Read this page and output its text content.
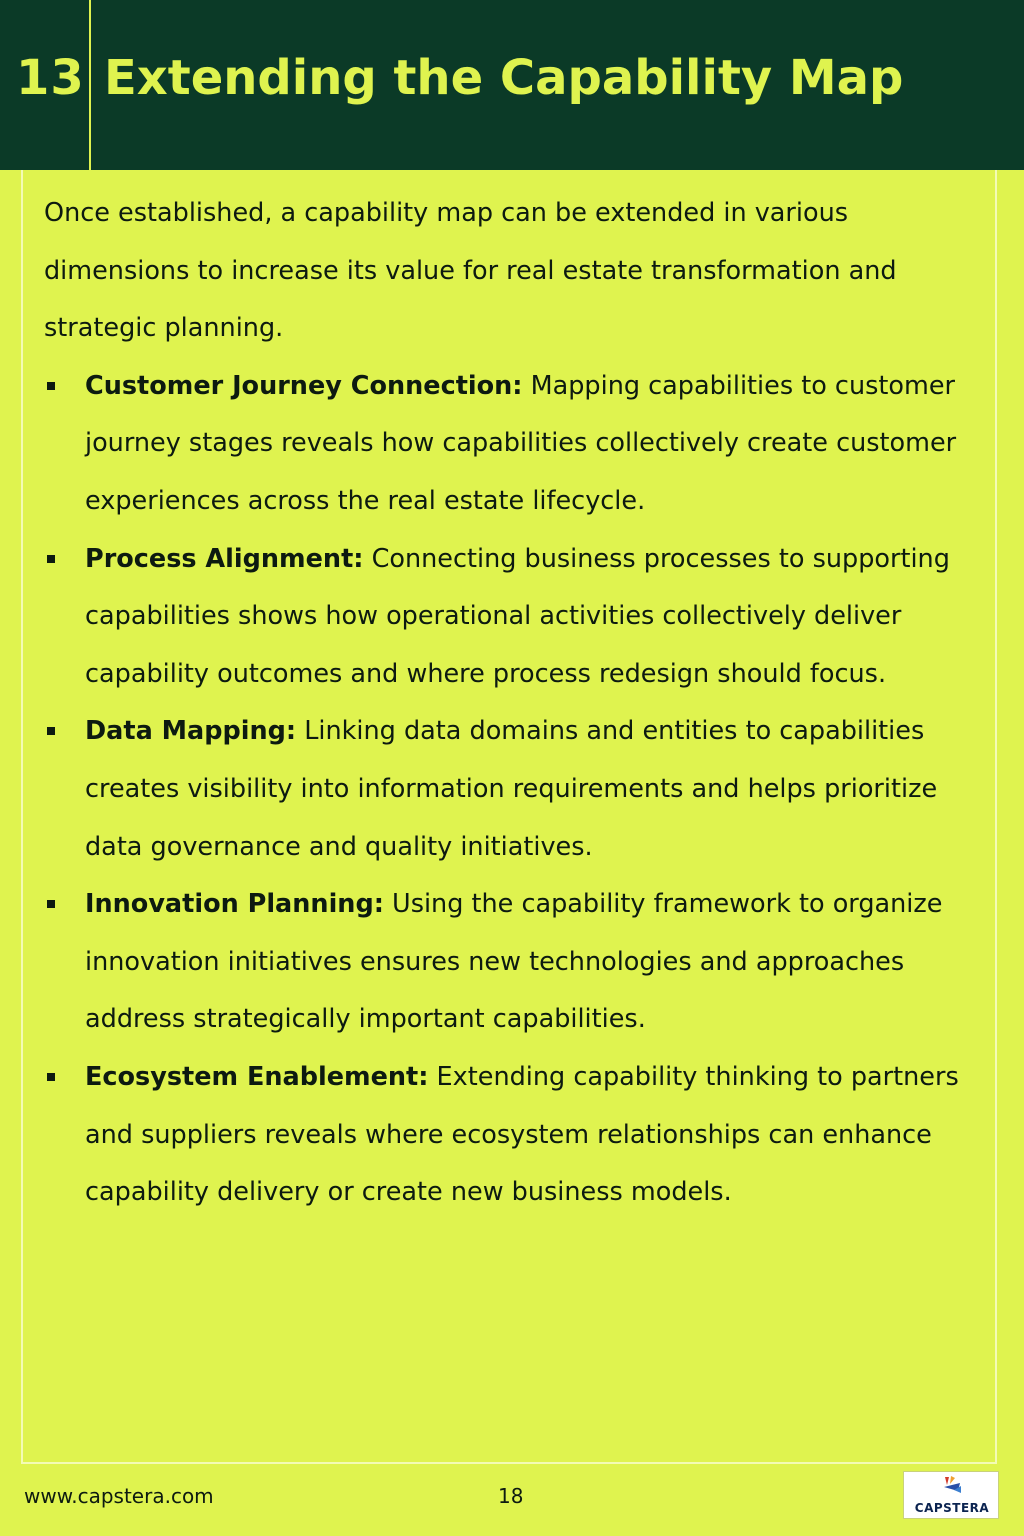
13 Extending the Capability Map

Once established, a capability map can be extended in various dimensions to increase its value for real estate transformation and strategic planning.

Customer Journey Connection: Mapping capabilities to customer journey stages reveals how capabilities collectively create customer experiences across the real estate lifecycle.
Process Alignment: Connecting business processes to supporting capabilities shows how operational activities collectively deliver capability outcomes and where process redesign should focus.
Data Mapping: Linking data domains and entities to capabilities creates visibility into information requirements and helps prioritize data governance and quality initiatives.
Innovation Planning: Using the capability framework to organize innovation initiatives ensures new technologies and approaches address strategically important capabilities.
Ecosystem Enablement: Extending capability thinking to partners and suppliers reveals where ecosystem relationships can enhance capability delivery or create new business models.
www.capstera.com	18	CAPSTERA
